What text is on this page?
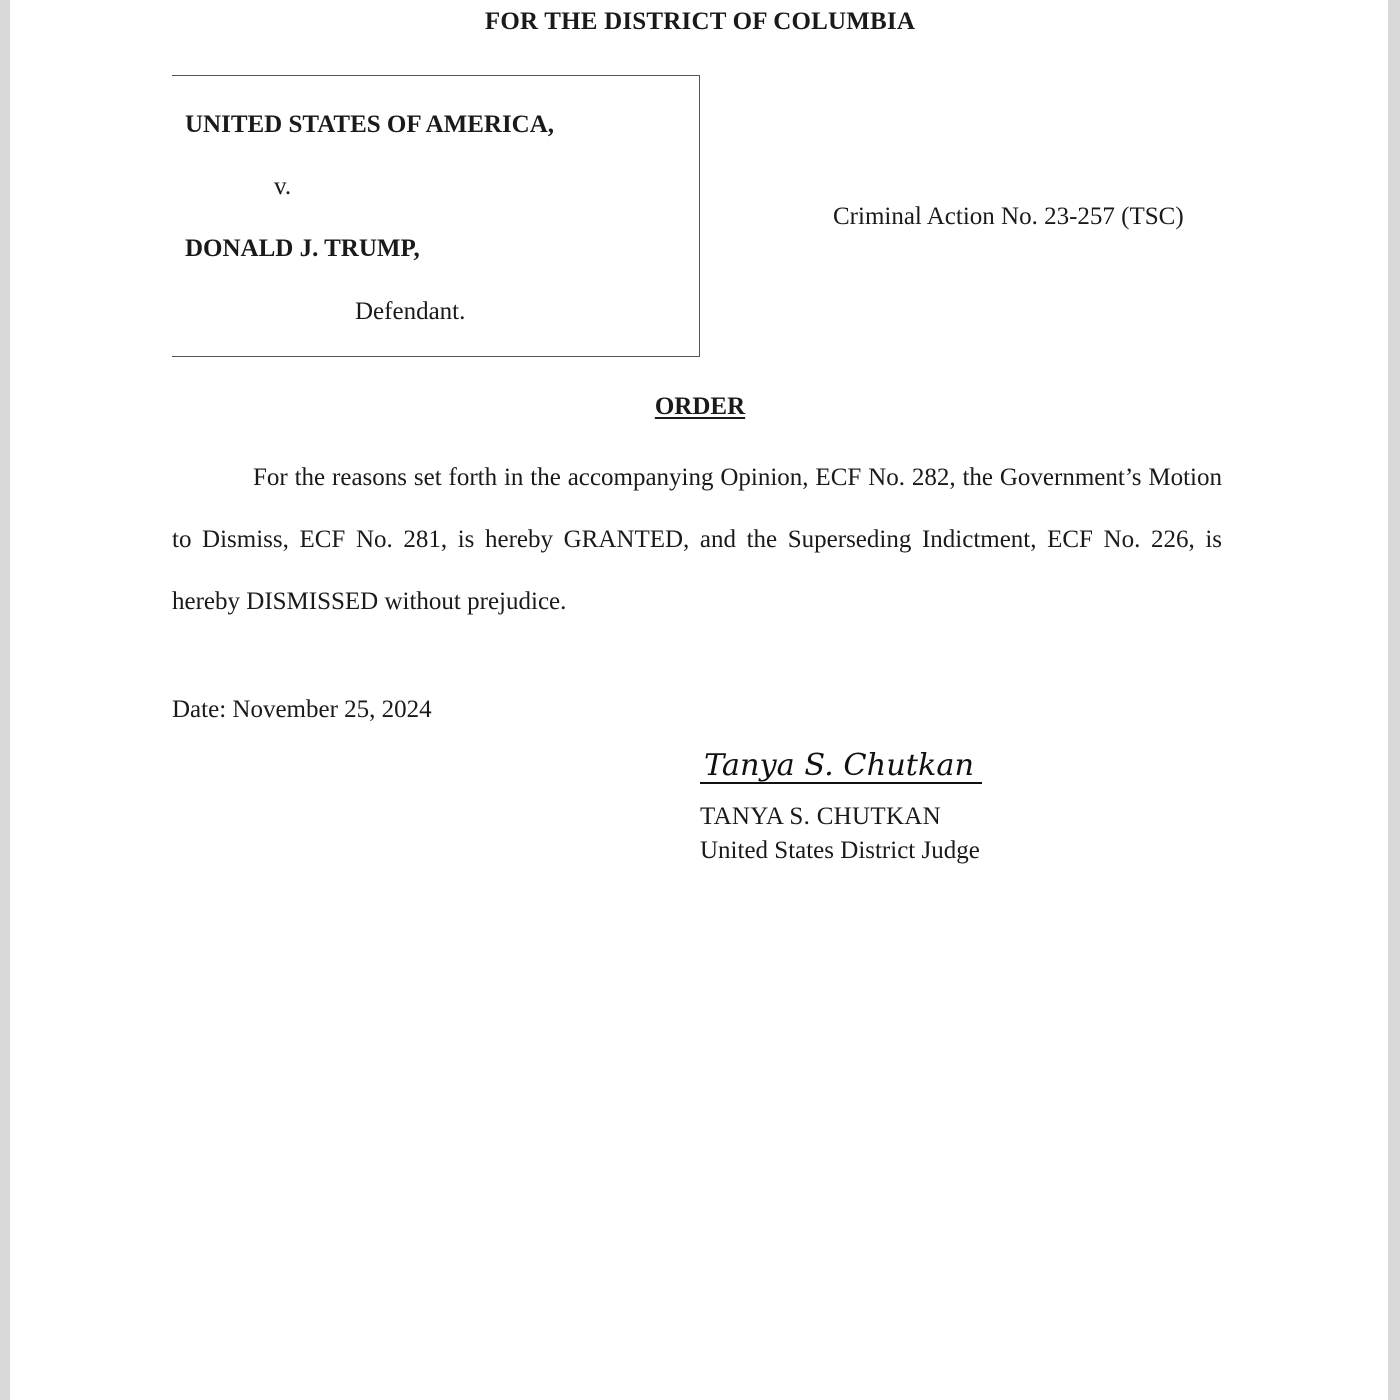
FOR THE DISTRICT OF COLUMBIA
UNITED STATES OF AMERICA,
v.
DONALD J. TRUMP,
Defendant.
Criminal Action No. 23-257 (TSC)
ORDER

For the reasons set forth in the accompanying Opinion, ECF No. 282, the Government’s Motion to Dismiss, ECF No. 281, is hereby GRANTED, and the Superseding Indictment, ECF No. 226, is hereby DISMISSED without prejudice.

Date: November 25, 2024
Tanya S. Chutkan
TANYA S. CHUTKAN
United States District Judge
